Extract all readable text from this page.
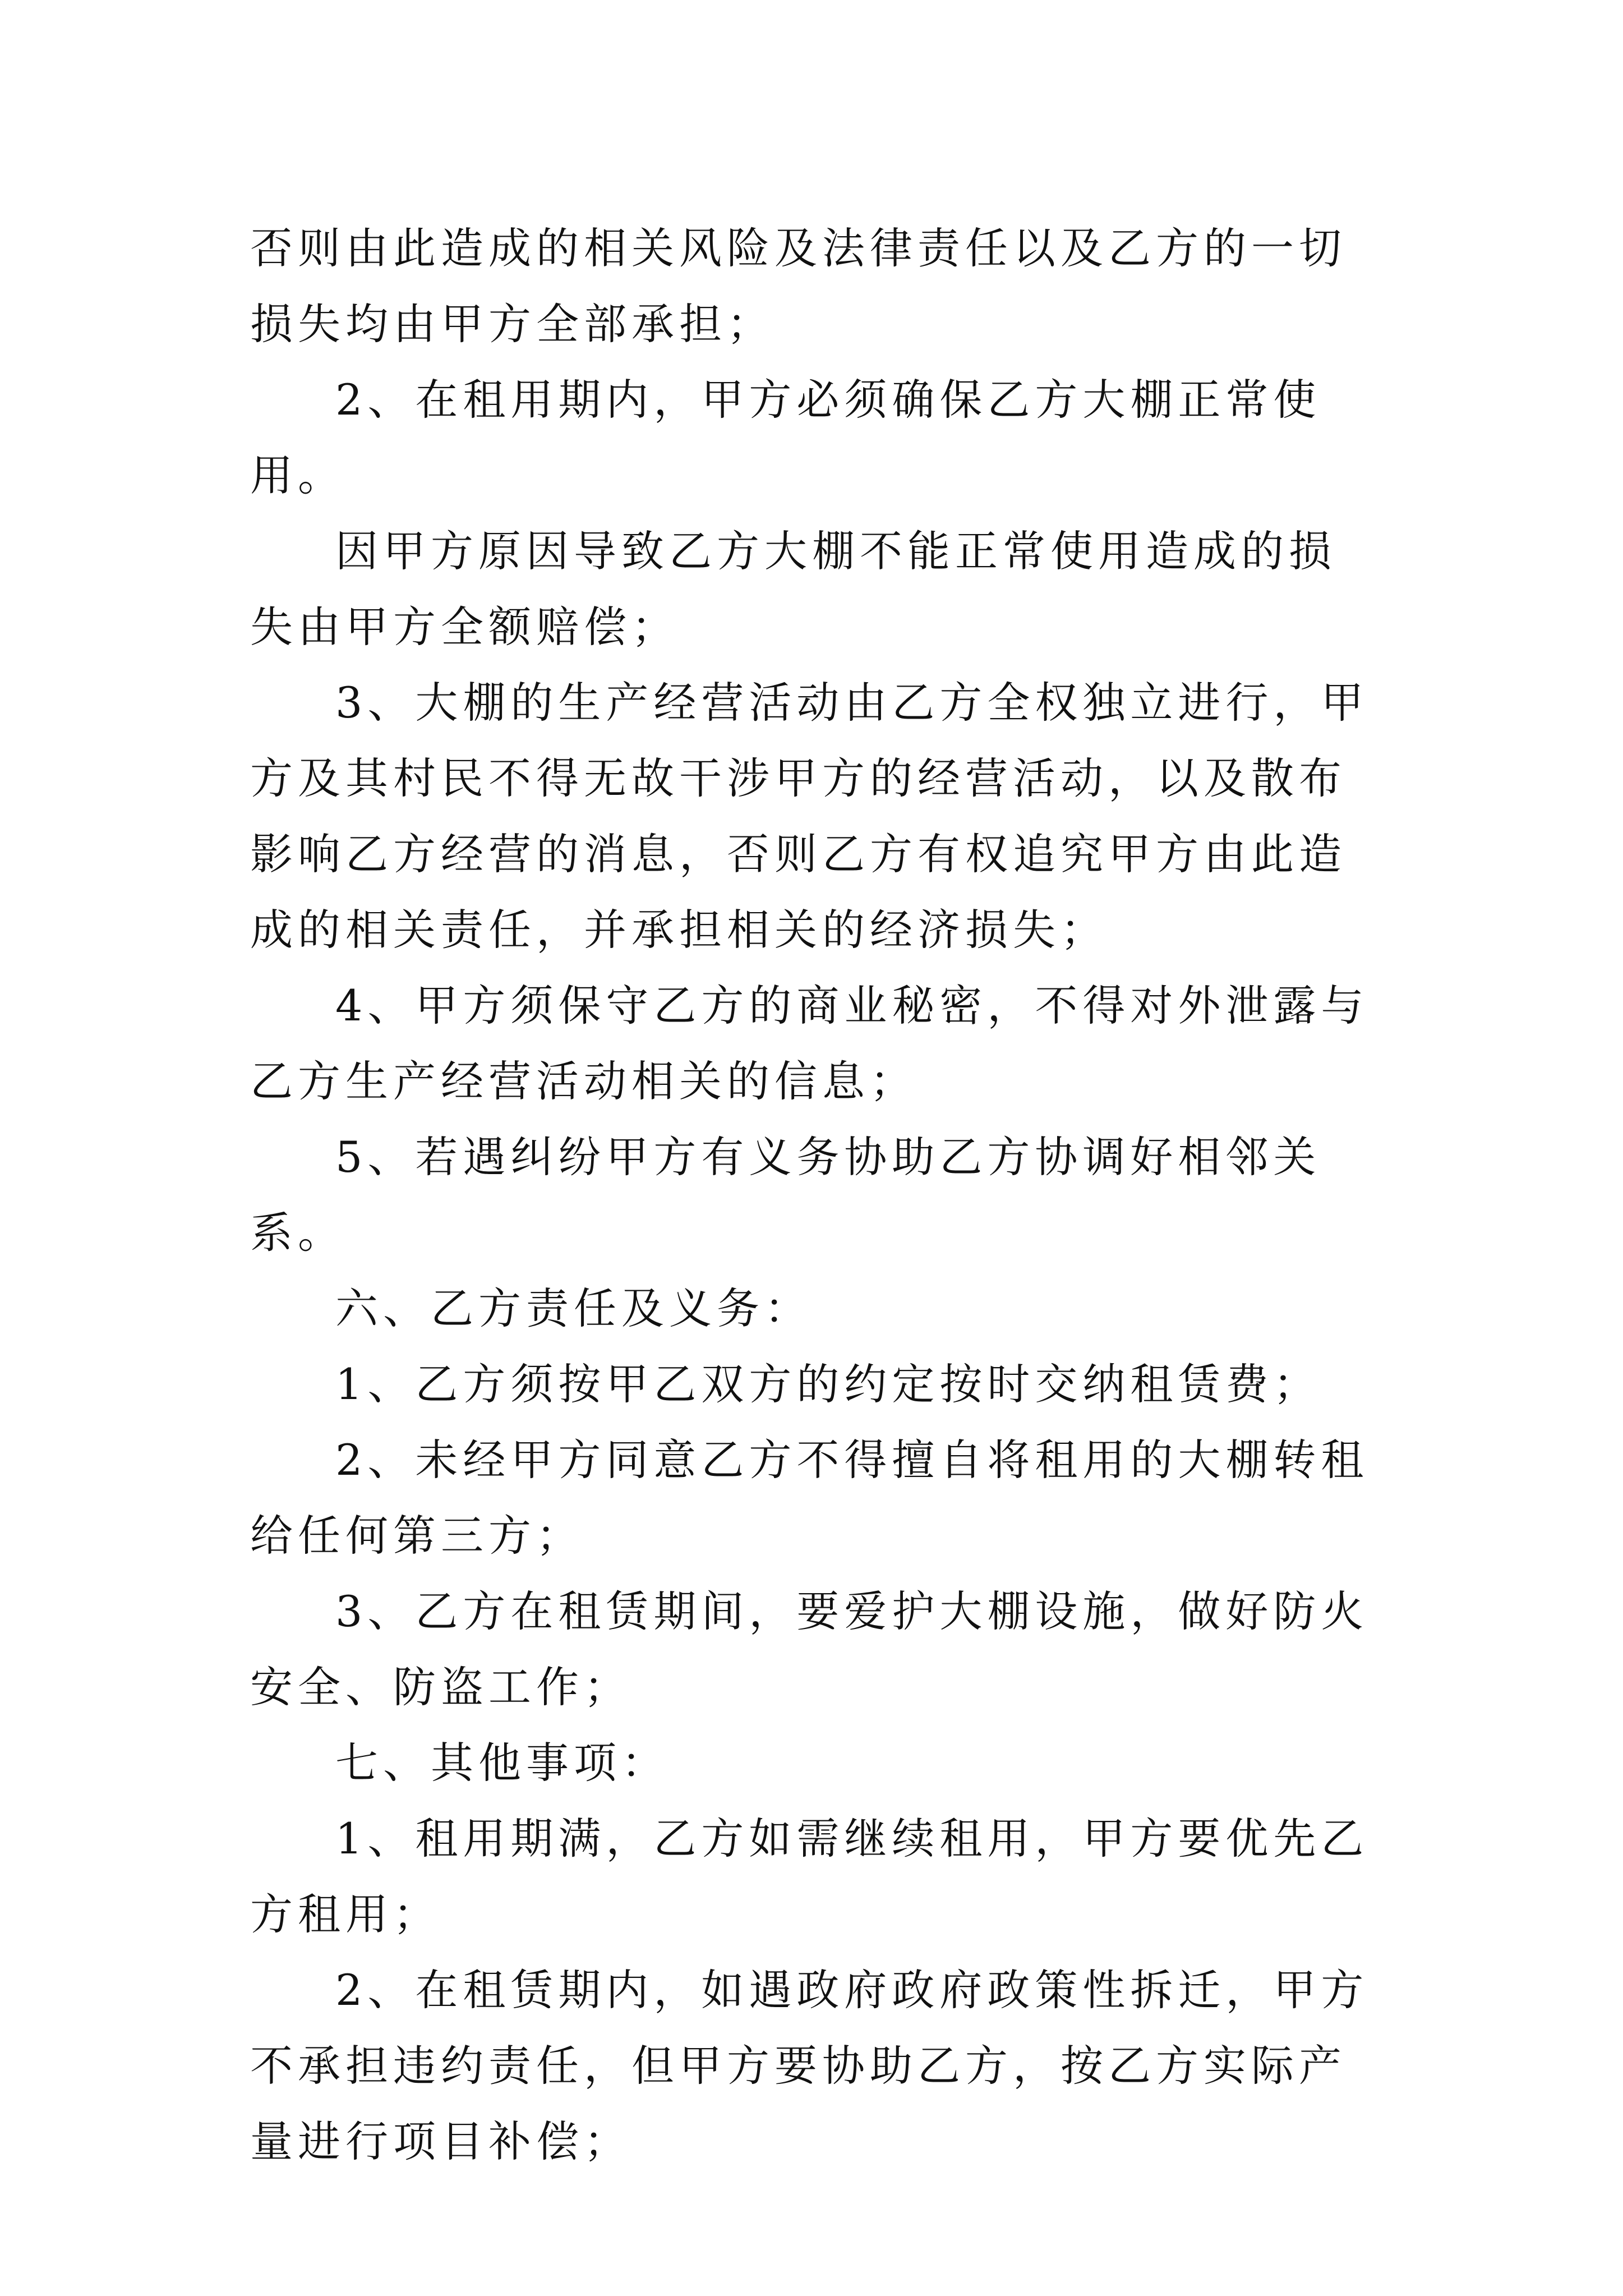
否则由此造成的相关风险及法律责任以及乙方的一切损失均由甲方全部承担；

2、在租用期内，甲方必须确保乙方大棚正常使用。

因甲方原因导致乙方大棚不能正常使用造成的损失由甲方全额赔偿；

3、大棚的生产经营活动由乙方全权独立进行，甲方及其村民不得无故干涉甲方的经营活动，以及散布影响乙方经营的消息，否则乙方有权追究甲方由此造成的相关责任，并承担相关的经济损失；

4、甲方须保守乙方的商业秘密，不得对外泄露与乙方生产经营活动相关的信息；

5、若遇纠纷甲方有义务协助乙方协调好相邻关系。

六、乙方责任及义务：

1、乙方须按甲乙双方的约定按时交纳租赁费；

2、未经甲方同意乙方不得擅自将租用的大棚转租给任何第三方；

3、乙方在租赁期间，要爱护大棚设施，做好防火安全、防盗工作；

七、其他事项：

1、租用期满，乙方如需继续租用，甲方要优先乙方租用；

2、在租赁期内，如遇政府政府政策性拆迁，甲方不承担违约责任，但甲方要协助乙方，按乙方实际产量进行项目补偿；
